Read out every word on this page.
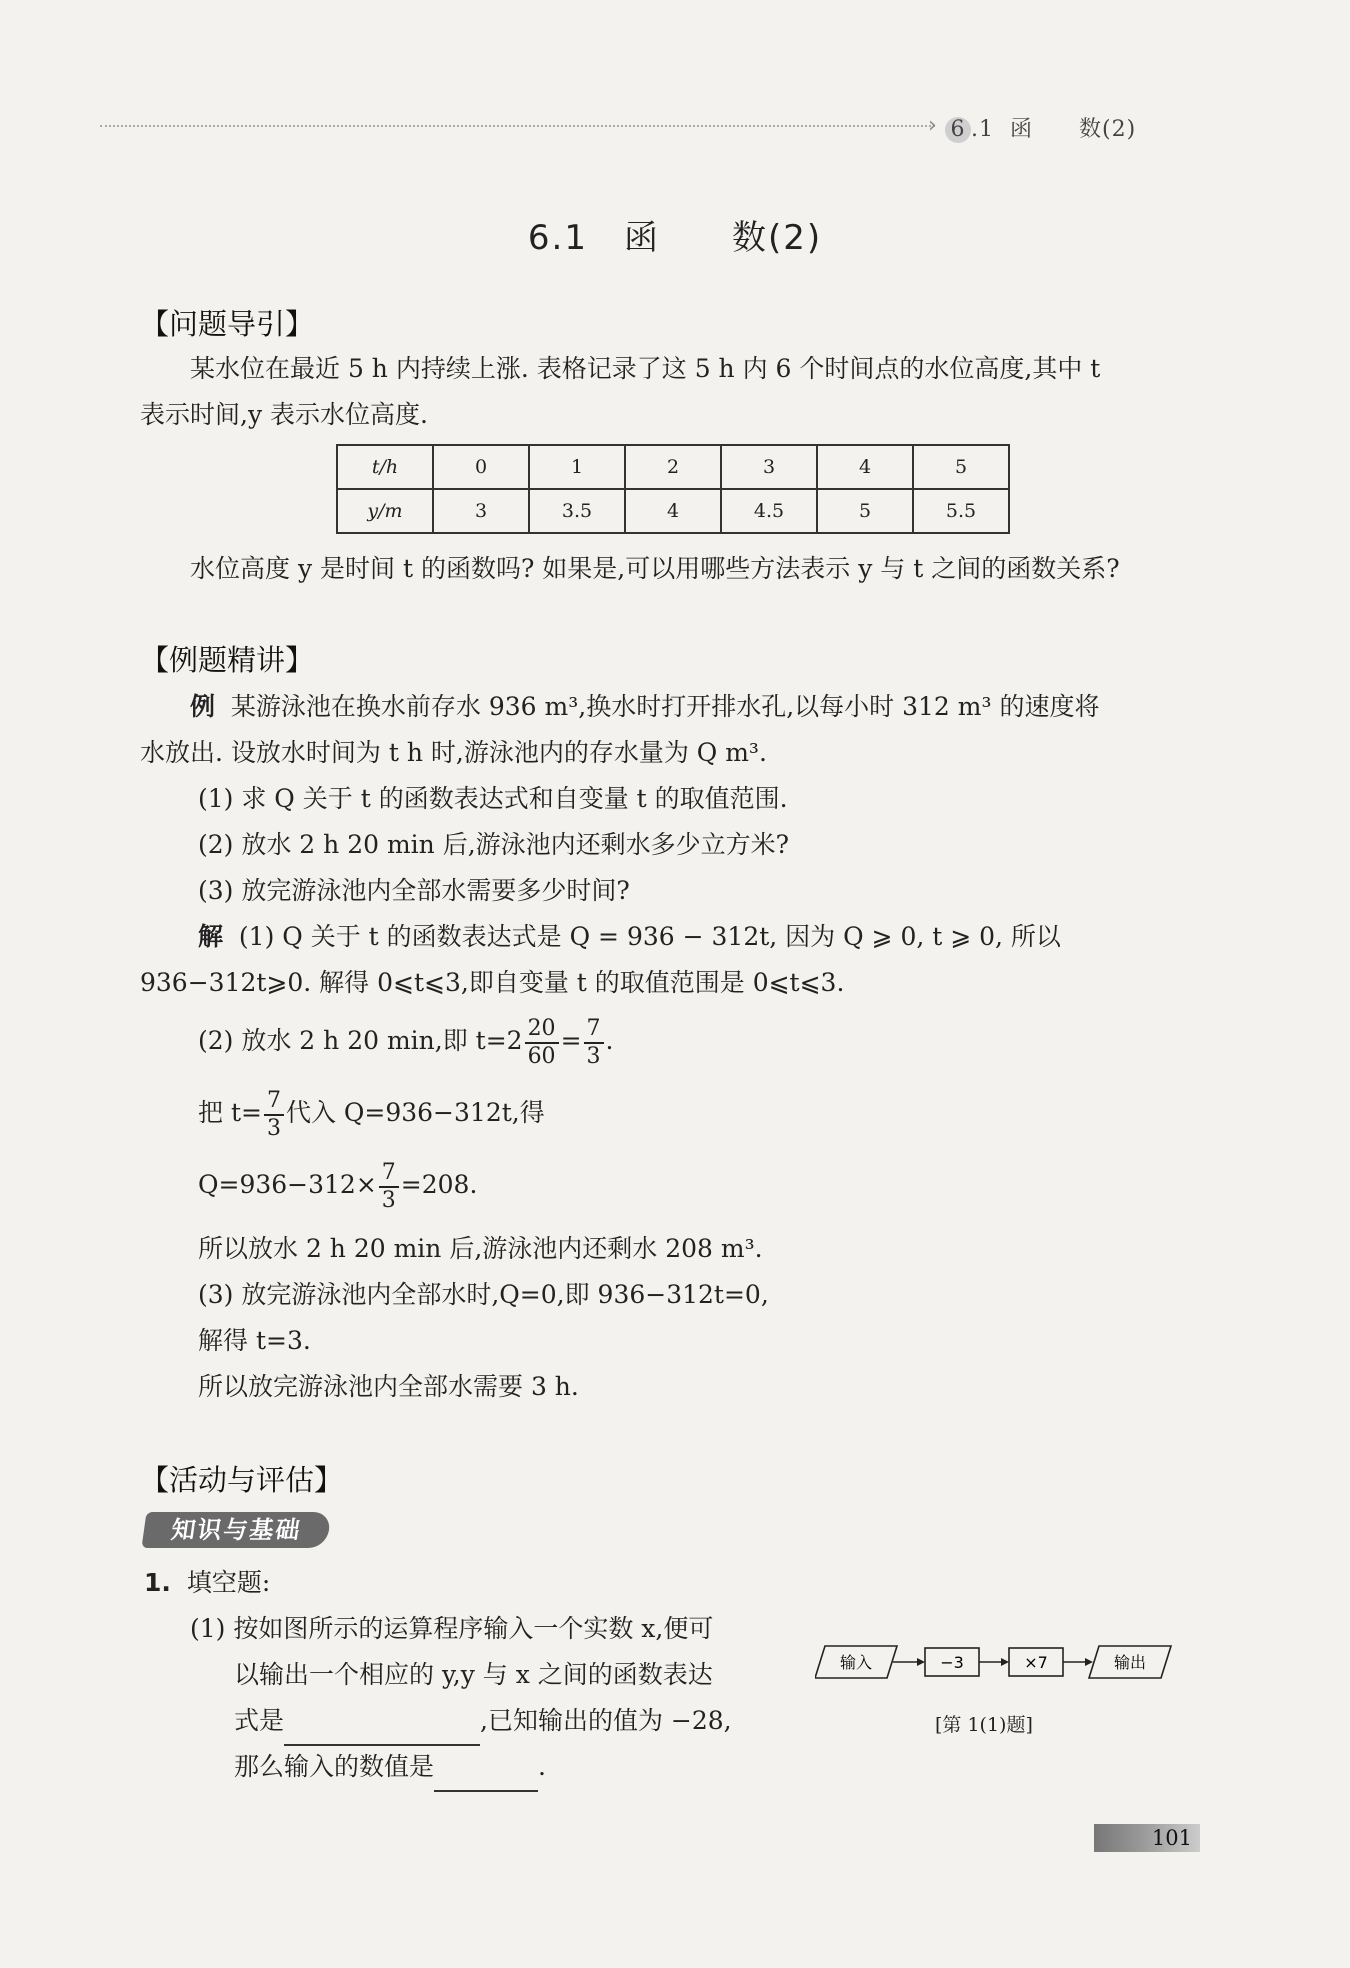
› 6 .1 函　　数(2)
6.1　函　　数(2)
【问题导引】
某水位在最近 5 h 内持续上涨. 表格记录了这 5 h 内 6 个时间点的水位高度,其中 t
表示时间,y 表示水位高度.
t/h	0	1	2	3	4	5
y/m	3	3.5	4	4.5	5	5.5
水位高度 y 是时间 t 的函数吗? 如果是,可以用哪些方法表示 y 与 t 之间的函数关系?
【例题精讲】
例 某游泳池在换水前存水 936 m³,换水时打开排水孔,以每小时 312 m³ 的速度将
水放出. 设放水时间为 t h 时,游泳池内的存水量为 Q m³.
(1) 求 Q 关于 t 的函数表达式和自变量 t 的取值范围.
(2) 放水 2 h 20 min 后,游泳池内还剩水多少立方米?
(3) 放完游泳池内全部水需要多少时间?
解 (1) Q 关于 t 的函数表达式是 Q = 936 − 312t, 因为 Q ⩾ 0, t ⩾ 0, 所以
936−312t⩾0. 解得 0⩽t⩽3,即自变量 t 的取值范围是 0⩽t⩽3.
(2) 放水 2 h 20 min,即 $t=2 \frac{20}{60} = \frac{7}{3}$ .
把 $t= \frac{7}{3}$ 代入 Q=936−312t,得
$Q=936-312\times \frac{7}{3} =208$.
所以放水 2 h 20 min 后,游泳池内还剩水 208 m³.
(3) 放完游泳池内全部水时,Q=0,即 936−312t=0,
解得 t=3.
所以放完游泳池内全部水需要 3 h.
【活动与评估】
知识与基础
1. 填空题:
(1) 按如图所示的运算程序输入一个实数 x,便可
以输出一个相应的 y,y 与 x 之间的函数表达
式是	,已知输出的值为 −28,
那么输入的数值是	.
输入	−3	×7	输出
[第 1(1)题]
101
